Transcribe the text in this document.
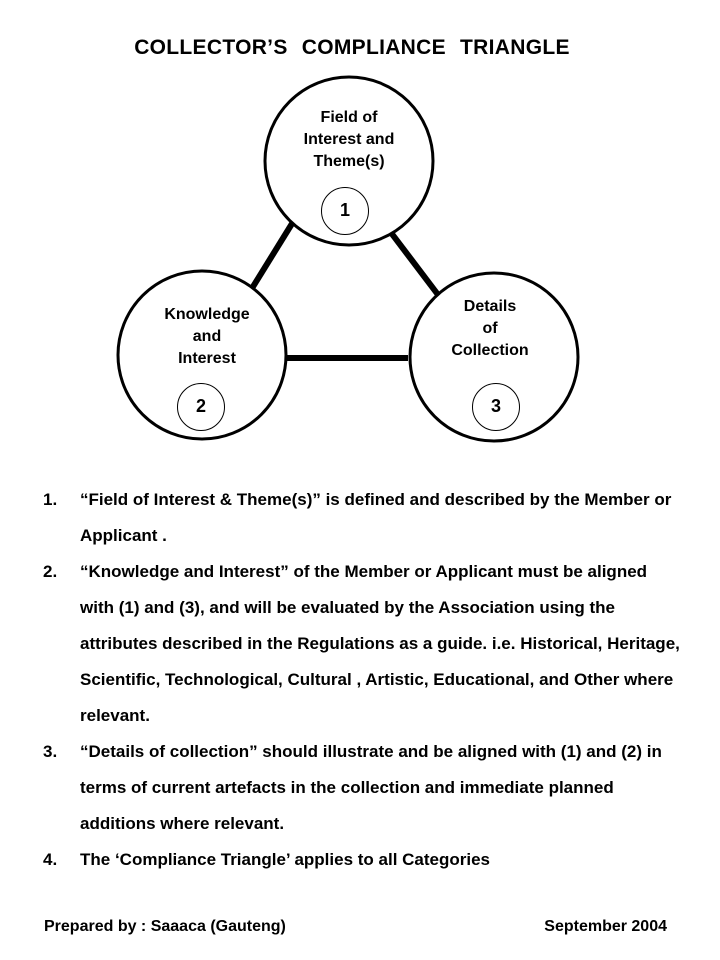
COLLECTOR’S COMPLIANCE TRIANGLE
Field of
Interest and
Theme(s)
1
Knowledge
and
Interest
2
Details
of
Collection
3
1. “Field of Interest & Theme(s)” is defined and described by the Member or Applicant .
2. “Knowledge and Interest” of the Member or Applicant must be aligned with (1) and (3), and will be evaluated by the Association using the attributes described in the Regulations as a guide. i.e. Historical, Heritage, Scientific, Technological, Cultural , Artistic, Educational, and Other where relevant.
3. “Details of collection” should illustrate and be aligned with (1) and (2) in terms of current artefacts in the collection and immediate planned additions where relevant.
4. The ‘Compliance Triangle’ applies to all Categories
Prepared by : Saaaca (Gauteng)	September 2004
